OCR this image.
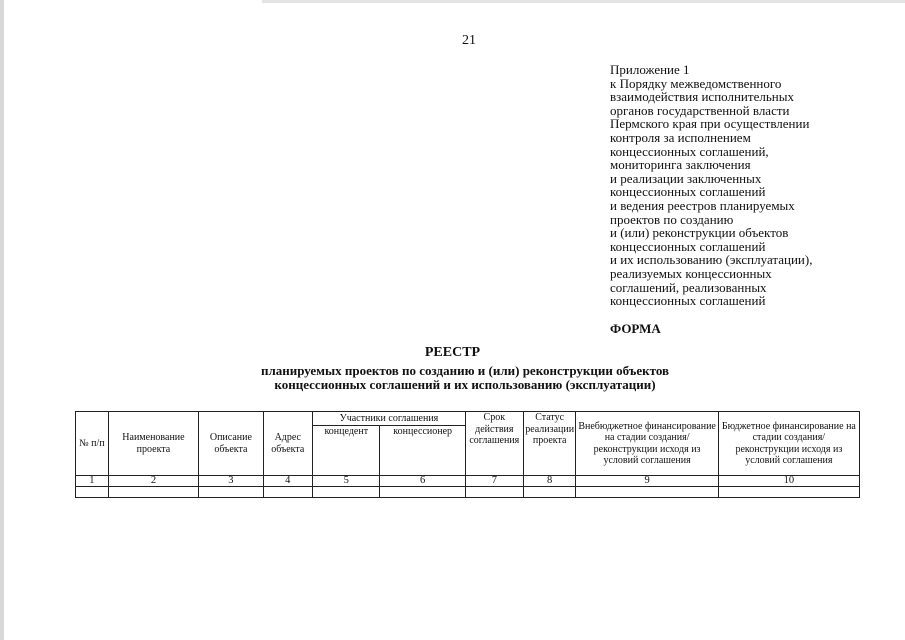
21
Приложение 1
к Порядку межведомственного
взаимодействия исполнительных
органов государственной власти
Пермского края при осуществлении
контроля за исполнением
концессионных соглашений,
мониторинга заключения
и реализации заключенных
концессионных соглашений
и ведения реестров планируемых
проектов по созданию
и (или) реконструкции объектов
концессионных соглашений
и их использованию (эксплуатации),
реализуемых концессионных
соглашений, реализованных
концессионных соглашений
ФОРМА
РЕЕСТР
планируемых проектов по созданию и (или) реконструкции объектов
концессионных соглашений и их использованию (эксплуатации)
№ п/п	Наименование проекта	Описание объекта	Адрес объекта	Участники соглашения		Срок действия соглашения	Статус реализации проекта	Внебюджетное финансирование на стадии создания/ реконструкции исходя из условий соглашения	Бюджетное финансирование на стадии создания/ реконструкции исходя из условий соглашения
				концедент	концессионер				
1	2	3	4	5	6	7	8	9	10
